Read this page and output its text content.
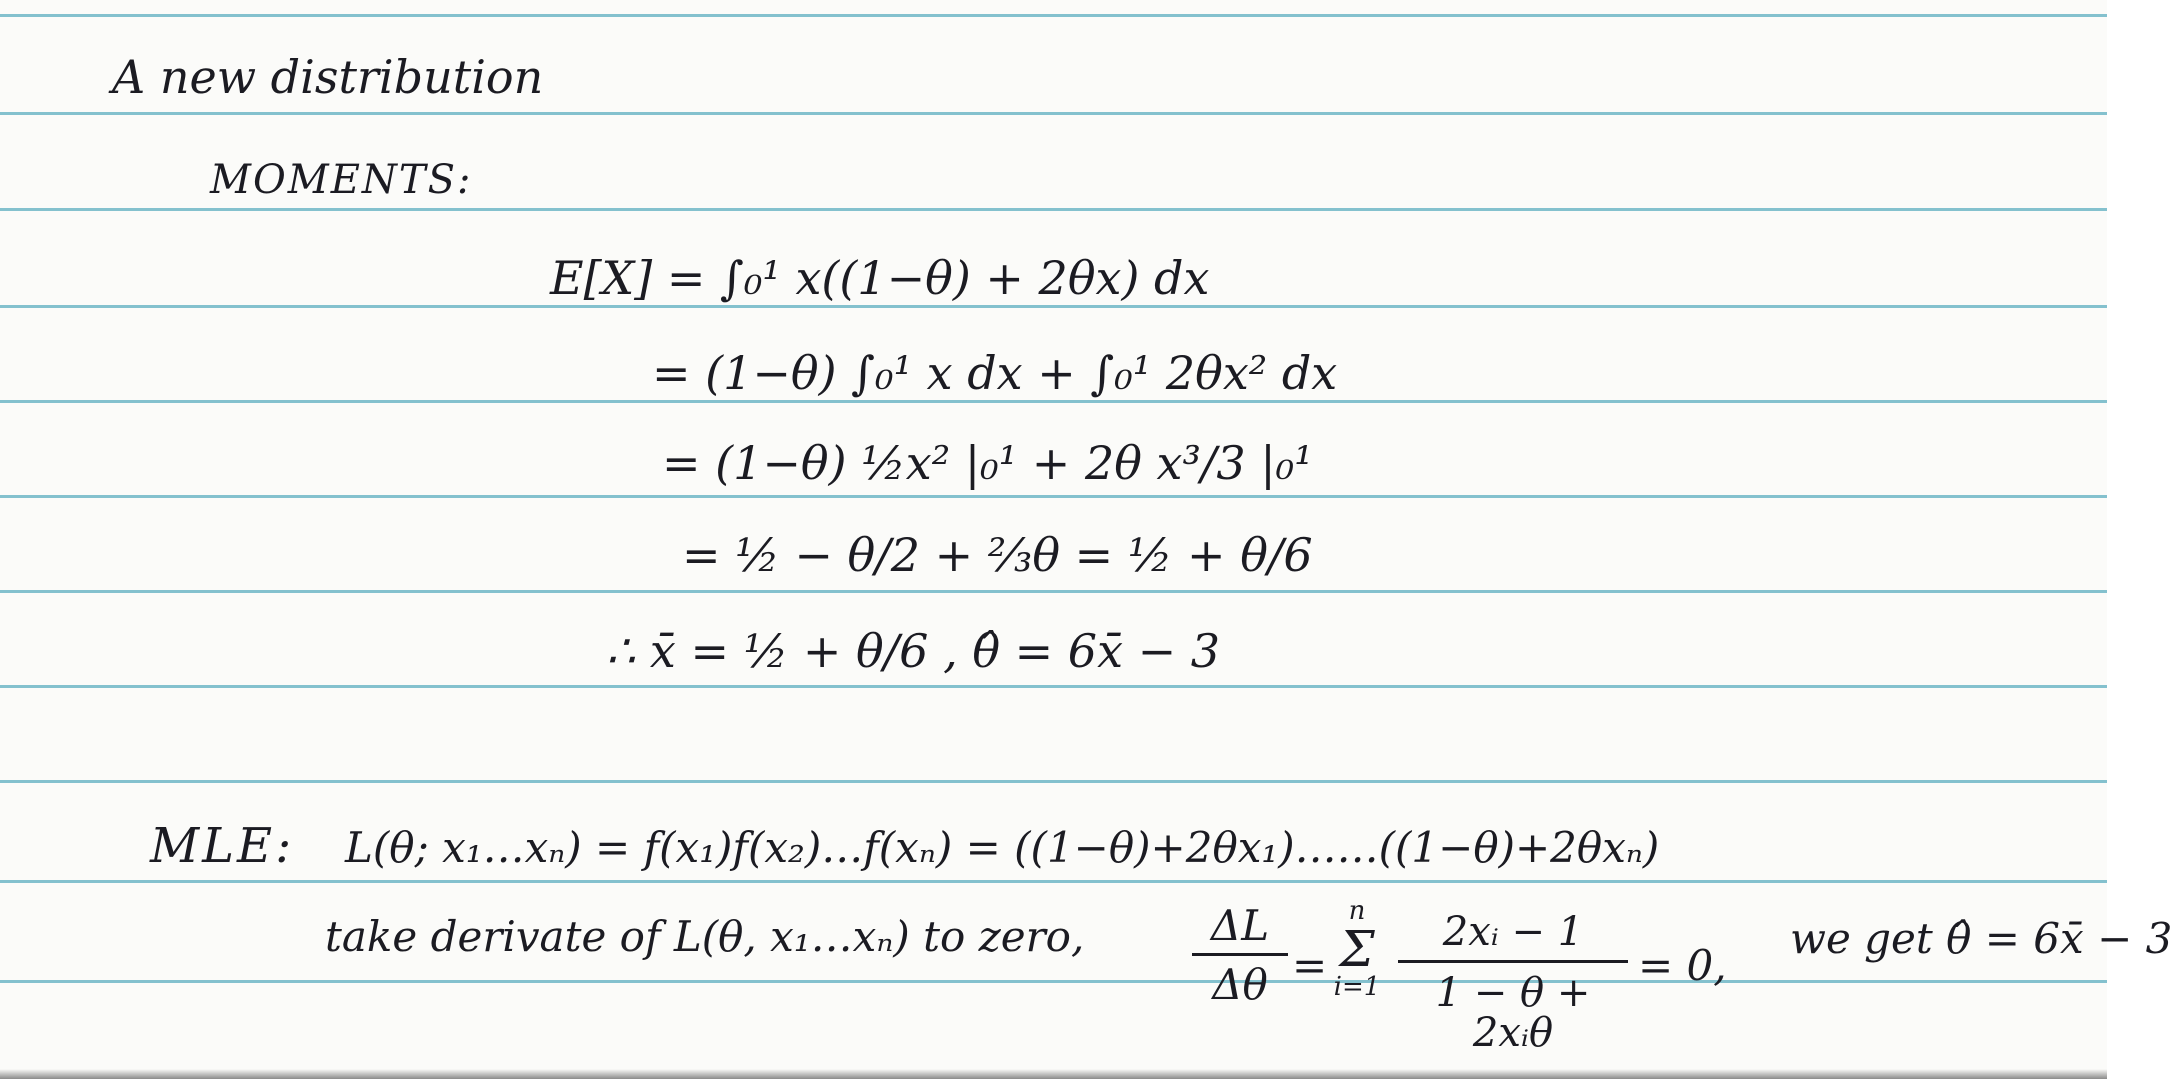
A new distribution
MOMENTS:
E[X] = ∫₀¹ x((1−θ) + 2θx) dx
= (1−θ) ∫₀¹ x dx + ∫₀¹ 2θx² dx
= (1−θ) ½x² |₀¹ + 2θ x³/3 |₀¹
= ½ − θ/2 + ⅔θ = ½ + θ/6
∴ x̄ = ½ + θ/6 , θ̂ = 6x̄ − 3
MLE: L(θ; x₁…xₙ) = f(x₁)f(x₂)…f(xₙ) = ((1−θ)+2θx₁)……((1−θ)+2θxₙ)
take derivate of L(θ, x₁…xₙ) to zero,	$\frac{\Delta L}{\Delta\theta}$ =
n
Σ
i=1
2xᵢ − 1
1 − θ + 2xᵢθ
= 0,
we get θ̂ = 6x̄ − 3
